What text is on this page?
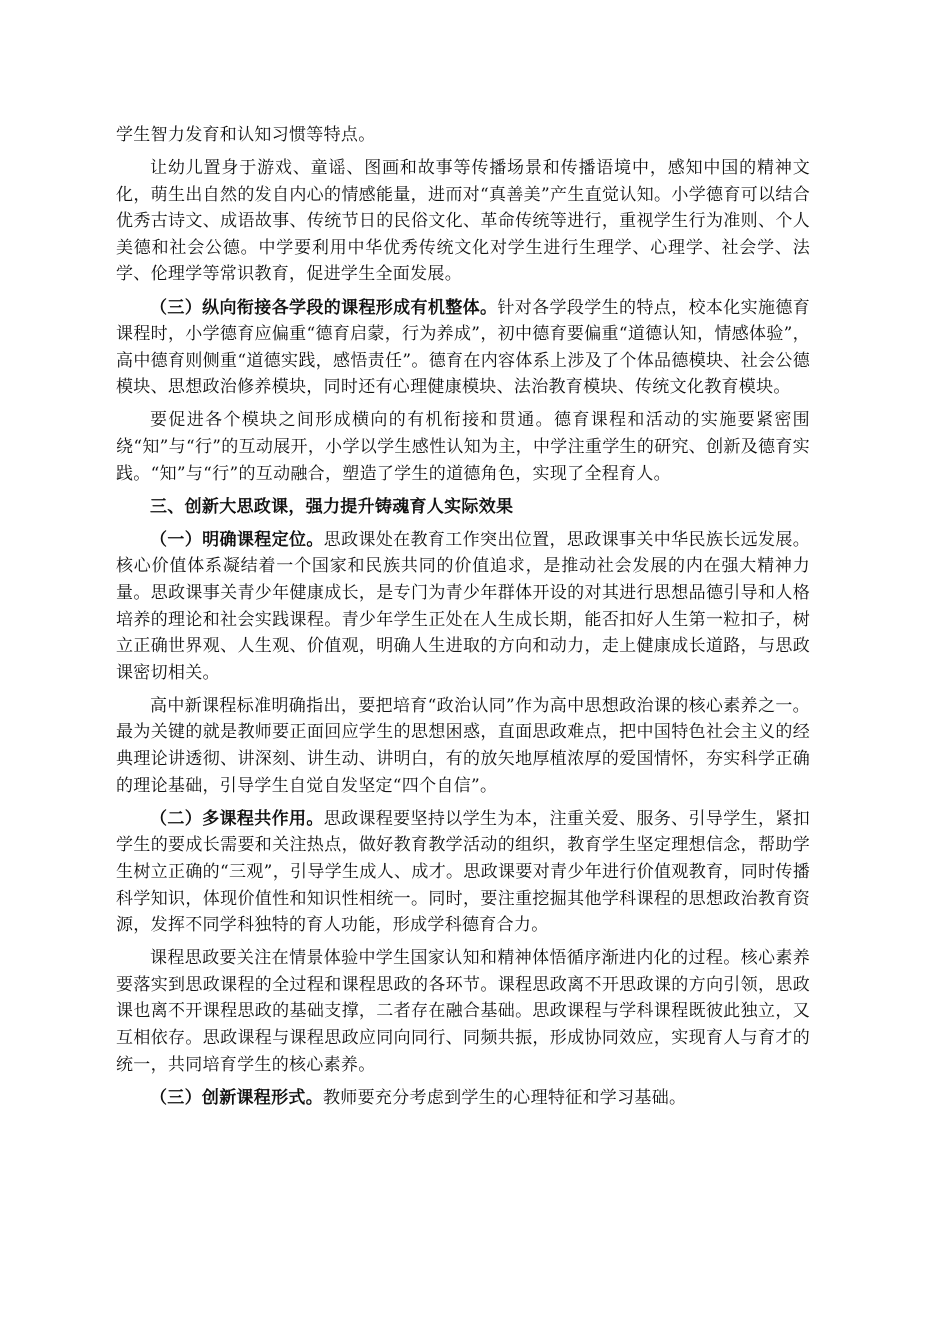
学生智力发育和认知习惯等特点。

让幼儿置身于游戏、童谣、图画和故事等传播场景和传播语境中，感知中国的精神文化，萌生出自然的发自内心的情感能量，进而对“真善美”产生直觉认知。小学德育可以结合优秀古诗文、成语故事、传统节日的民俗文化、革命传统等进行，重视学生行为准则、个人美德和社会公德。中学要利用中华优秀传统文化对学生进行生理学、心理学、社会学、法学、伦理学等常识教育，促进学生全面发展。

（三）纵向衔接各学段的课程形成有机整体。针对各学段学生的特点，校本化实施德育课程时，小学德育应偏重“德育启蒙，行为养成”，初中德育要偏重“道德认知，情感体验”，高中德育则侧重“道德实践，感悟责任”。德育在内容体系上涉及了个体品德模块、社会公德模块、思想政治修养模块，同时还有心理健康模块、法治教育模块、传统文化教育模块。

要促进各个模块之间形成横向的有机衔接和贯通。德育课程和活动的实施要紧密围绕“知”与“行”的互动展开，小学以学生感性认知为主，中学注重学生的研究、创新及德育实践。“知”与“行”的互动融合，塑造了学生的道德角色，实现了全程育人。

三、创新大思政课，强力提升铸魂育人实际效果

（一）明确课程定位。思政课处在教育工作突出位置，思政课事关中华民族长远发展。核心价值体系凝结着一个国家和民族共同的价值追求，是推动社会发展的内在强大精神力量。思政课事关青少年健康成长，是专门为青少年群体开设的对其进行思想品德引导和人格培养的理论和社会实践课程。青少年学生正处在人生成长期，能否扣好人生第一粒扣子，树立正确世界观、人生观、价值观，明确人生进取的方向和动力，走上健康成长道路，与思政课密切相关。

高中新课程标准明确指出，要把培育“政治认同”作为高中思想政治课的核心素养之一。最为关键的就是教师要正面回应学生的思想困惑，直面思政难点，把中国特色社会主义的经典理论讲透彻、讲深刻、讲生动、讲明白，有的放矢地厚植浓厚的爱国情怀，夯实科学正确的理论基础，引导学生自觉自发坚定“四个自信”。

（二）多课程共作用。思政课程要坚持以学生为本，注重关爱、服务、引导学生，紧扣学生的要成长需要和关注热点，做好教育教学活动的组织，教育学生坚定理想信念，帮助学生树立正确的“三观”，引导学生成人、成才。思政课要对青少年进行价值观教育，同时传播科学知识，体现价值性和知识性相统一。同时，要注重挖掘其他学科课程的思想政治教育资源，发挥不同学科独特的育人功能，形成学科德育合力。

课程思政要关注在情景体验中学生国家认知和精神体悟循序渐进内化的过程。核心素养要落实到思政课程的全过程和课程思政的各环节。课程思政离不开思政课的方向引领，思政课也离不开课程思政的基础支撑，二者存在融合基础。思政课程与学科课程既彼此独立，又互相依存。思政课程与课程思政应同向同行、同频共振，形成协同效应，实现育人与育才的统一，共同培育学生的核心素养。

（三）创新课程形式。教师要充分考虑到学生的心理特征和学习基础。
